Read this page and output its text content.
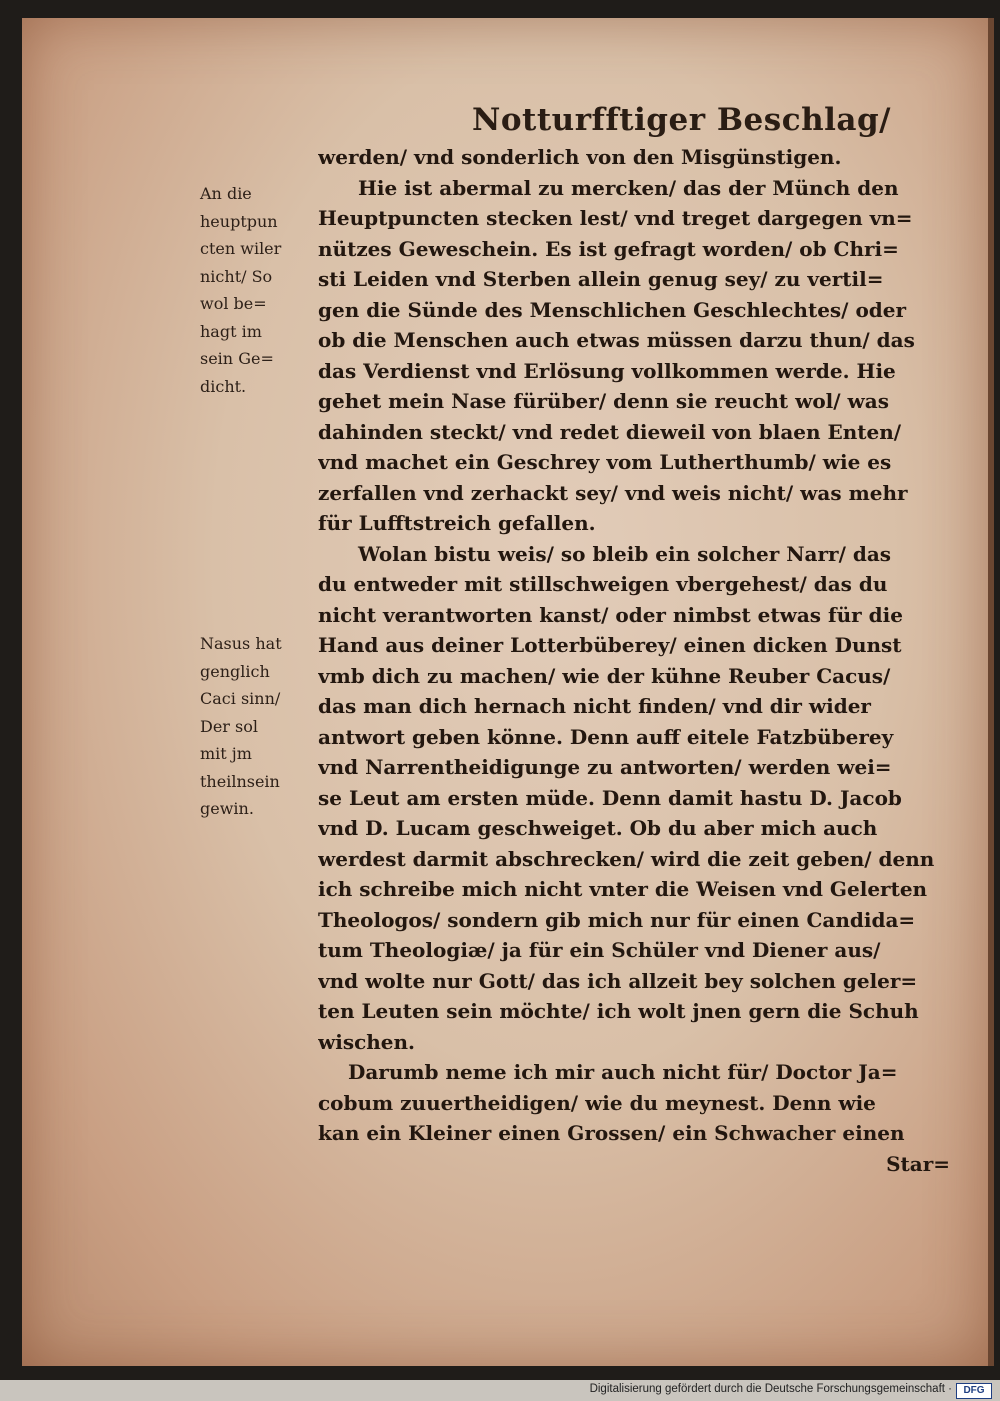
Notturfftiger Beschlag/
An die
heuptpun
cten wiler
nicht/ So
wol be=
hagt im
sein Ge=
dicht.
Nasus hat
genglich
Caci sinn/
Der sol
mit jm
theilnsein
gewin.
werden/ vnd sonderlich von den Misgünstigen.
Hie ist abermal zu mercken/ das der Münch den
Heuptpuncten stecken lest/ vnd treget dargegen vn=
nützes Geweschein. Es ist gefragt worden/ ob Chri=
sti Leiden vnd Sterben allein genug sey/ zu vertil=
gen die Sünde des Menschlichen Geschlechtes/ oder
ob die Menschen auch etwas müssen darzu thun/ das
das Verdienst vnd Erlösung vollkommen werde. Hie
gehet mein Nase fürüber/ denn sie reucht wol/ was
dahinden steckt/ vnd redet dieweil von blaen Enten/
vnd machet ein Geschrey vom Lutherthumb/ wie es
zerfallen vnd zerhackt sey/ vnd weis nicht/ was mehr
für Lufftstreich gefallen.
Wolan bistu weis/ so bleib ein solcher Narr/ das
du entweder mit stillschweigen vbergehest/ das du
nicht verantworten kanst/ oder nimbst etwas für die
Hand aus deiner Lotterbüberey/ einen dicken Dunst
vmb dich zu machen/ wie der kühne Reuber Cacus/
das man dich hernach nicht finden/ vnd dir wider
antwort geben könne. Denn auff eitele Fatzbüberey
vnd Narrentheidigunge zu antworten/ werden wei=
se Leut am ersten müde. Denn damit hastu D. Jacob
vnd D. Lucam geschweiget. Ob du aber mich auch
werdest darmit abschrecken/ wird die zeit geben/ denn
ich schreibe mich nicht vnter die Weisen vnd Gelerten
Theologos/ sondern gib mich nur für einen Candida=
tum Theologiæ/ ja für ein Schüler vnd Diener aus/
vnd wolte nur Gott/ das ich allzeit bey solchen geler=
ten Leuten sein möchte/ ich wolt jnen gern die Schuh
wischen.
Darumb neme ich mir auch nicht für/ Doctor Ja=
cobum zuuertheidigen/ wie du meynest. Denn wie
kan ein Kleiner einen Grossen/ ein Schwacher einen
Star=
Digitalisierung gefördert durch die Deutsche Forschungsgemeinschaft ·	DFG
